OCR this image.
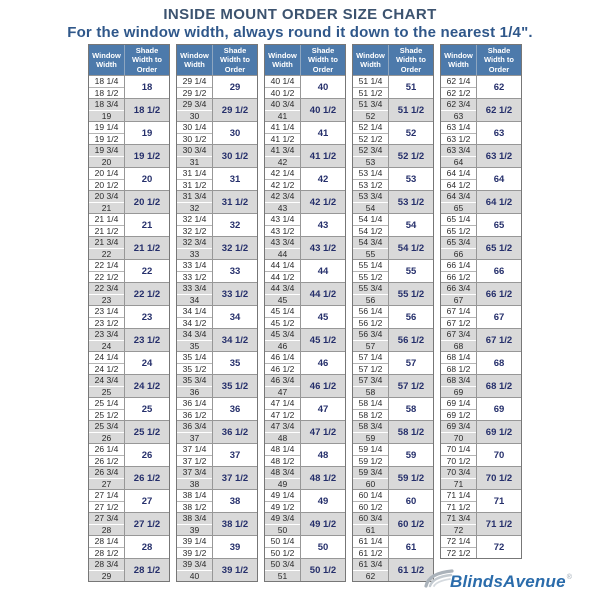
INSIDE MOUNT ORDER SIZE CHART
For the window width, always round it down to the nearest 1/4".
Window Width
Shade Width to Order
18 1/4
18 1/2
18
18 3/4
19
18 1/2
19 1/4
19 1/2
19
19 3/4
20
19 1/2
20 1/4
20 1/2
20
20 3/4
21
20 1/2
21 1/4
21 1/2
21
21 3/4
22
21 1/2
22 1/4
22 1/2
22
22 3/4
23
22 1/2
23 1/4
23 1/2
23
23 3/4
24
23 1/2
24 1/4
24 1/2
24
24 3/4
25
24 1/2
25 1/4
25 1/2
25
25 3/4
26
25 1/2
26 1/4
26 1/2
26
26 3/4
27
26 1/2
27 1/4
27 1/2
27
27 3/4
28
27 1/2
28 1/4
28 1/2
28
28 3/4
29
28 1/2
Window Width
Shade Width to Order
29 1/4
29 1/2
29
29 3/4
30
29 1/2
30 1/4
30 1/2
30
30 3/4
31
30 1/2
31 1/4
31 1/2
31
31 3/4
32
31 1/2
32 1/4
32 1/2
32
32 3/4
33
32 1/2
33 1/4
33 1/2
33
33 3/4
34
33 1/2
34 1/4
34 1/2
34
34 3/4
35
34 1/2
35 1/4
35 1/2
35
35 3/4
36
35 1/2
36 1/4
36 1/2
36
36 3/4
37
36 1/2
37 1/4
37 1/2
37
37 3/4
38
37 1/2
38 1/4
38 1/2
38
38 3/4
39
38 1/2
39 1/4
39 1/2
39
39 3/4
40
39 1/2
Window Width
Shade Width to Order
40 1/4
40 1/2
40
40 3/4
41
40 1/2
41 1/4
41 1/2
41
41 3/4
42
41 1/2
42 1/4
42 1/2
42
42 3/4
43
42 1/2
43 1/4
43 1/2
43
43 3/4
44
43 1/2
44 1/4
44 1/2
44
44 3/4
45
44 1/2
45 1/4
45 1/2
45
45 3/4
46
45 1/2
46 1/4
46 1/2
46
46 3/4
47
46 1/2
47 1/4
47 1/2
47
47 3/4
48
47 1/2
48 1/4
48 1/2
48
48 3/4
49
48 1/2
49 1/4
49 1/2
49
49 3/4
50
49 1/2
50 1/4
50 1/2
50
50 3/4
51
50 1/2
Window Width
Shade Width to Order
51 1/4
51 1/2
51
51 3/4
52
51 1/2
52 1/4
52 1/2
52
52 3/4
53
52 1/2
53 1/4
53 1/2
53
53 3/4
54
53 1/2
54 1/4
54 1/2
54
54 3/4
55
54 1/2
55 1/4
55 1/2
55
55 3/4
56
55 1/2
56 1/4
56 1/2
56
56 3/4
57
56 1/2
57 1/4
57 1/2
57
57 3/4
58
57 1/2
58 1/4
58 1/2
58
58 3/4
59
58 1/2
59 1/4
59 1/2
59
59 3/4
60
59 1/2
60 1/4
60 1/2
60
60 3/4
61
60 1/2
61 1/4
61 1/2
61
61 3/4
62
61 1/2
Window Width
Shade Width to Order
62 1/4
62 1/2
62
62 3/4
63
62 1/2
63 1/4
63 1/2
63
63 3/4
64
63 1/2
64 1/4
64 1/2
64
64 3/4
65
64 1/2
65 1/4
65 1/2
65
65 3/4
66
65 1/2
66 1/4
66 1/2
66
66 3/4
67
66 1/2
67 1/4
67 1/2
67
67 3/4
68
67 1/2
68 1/4
68 1/2
68
68 3/4
69
68 1/2
69 1/4
69 1/2
69
69 3/4
70
69 1/2
70 1/4
70 1/2
70
70 3/4
71
70 1/2
71 1/4
71 1/2
71
71 3/4
72
71 1/2
72 1/4
72 1/2
72
BlindsAvenue ®
